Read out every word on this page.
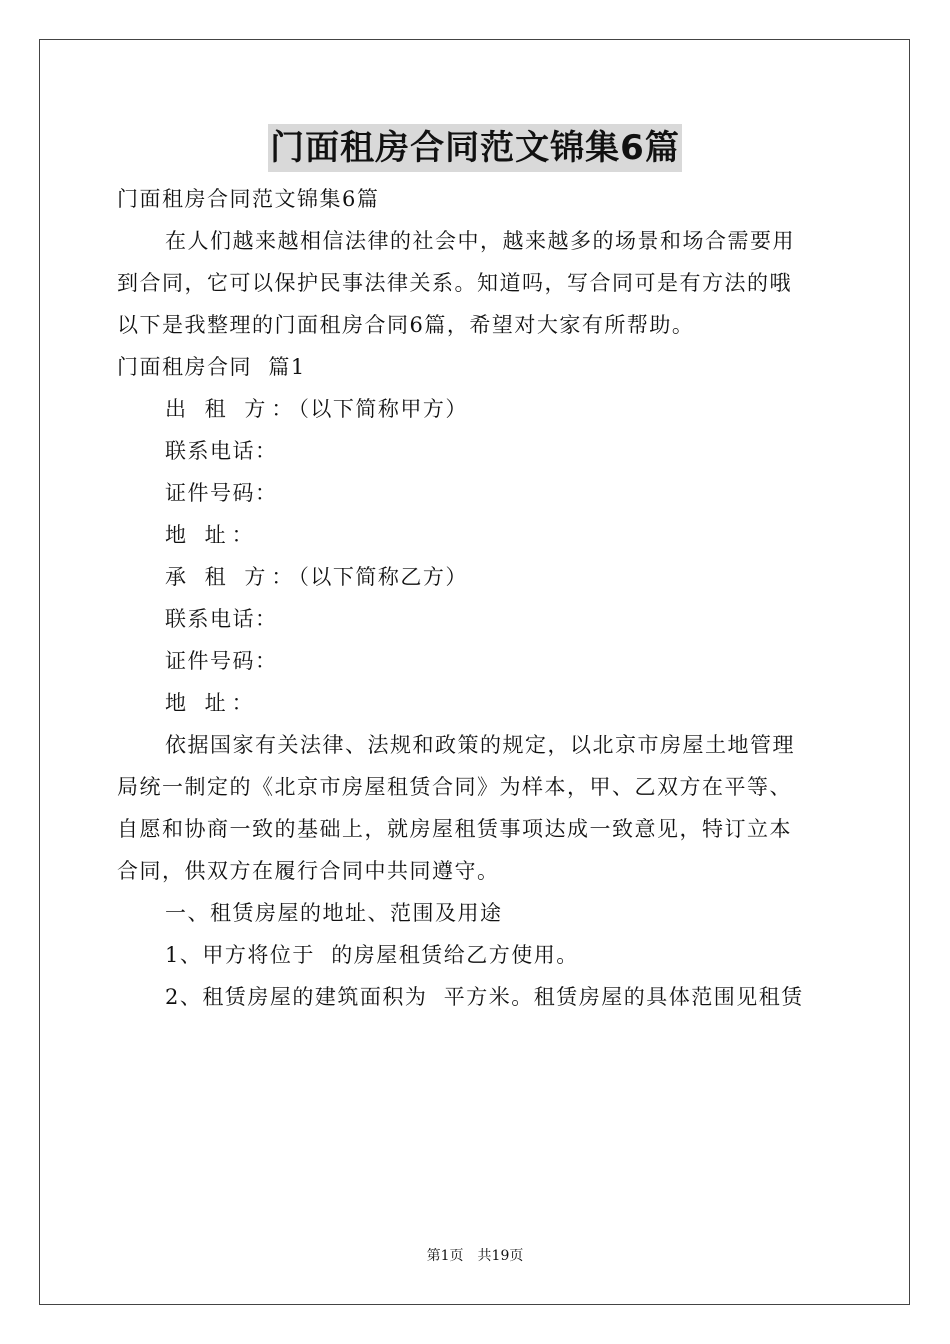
门面租房合同范文锦集6篇
门面租房合同范文锦集6篇
在人们越来越相信法律的社会中，越来越多的场景和场合需要用
到合同，它可以保护民事法律关系。知道吗，写合同可是有方法的哦
以下是我整理的门面租房合同6篇，希望对大家有所帮助。
门面租房合同  篇1
出 租 方：（以下简称甲方）
联系电话：
证件号码：
地 址：
承 租 方：（以下简称乙方）
联系电话：
证件号码：
地 址：
依据国家有关法律、法规和政策的规定，以北京市房屋土地管理
局统一制定的《北京市房屋租赁合同》为样本，甲、乙双方在平等、
自愿和协商一致的基础上，就房屋租赁事项达成一致意见，特订立本
合同，供双方在履行合同中共同遵守。
一、租赁房屋的地址、范围及用途
1、甲方将位于  的房屋租赁给乙方使用。
2、租赁房屋的建筑面积为  平方米。租赁房屋的具体范围见租赁
第1页 共19页
